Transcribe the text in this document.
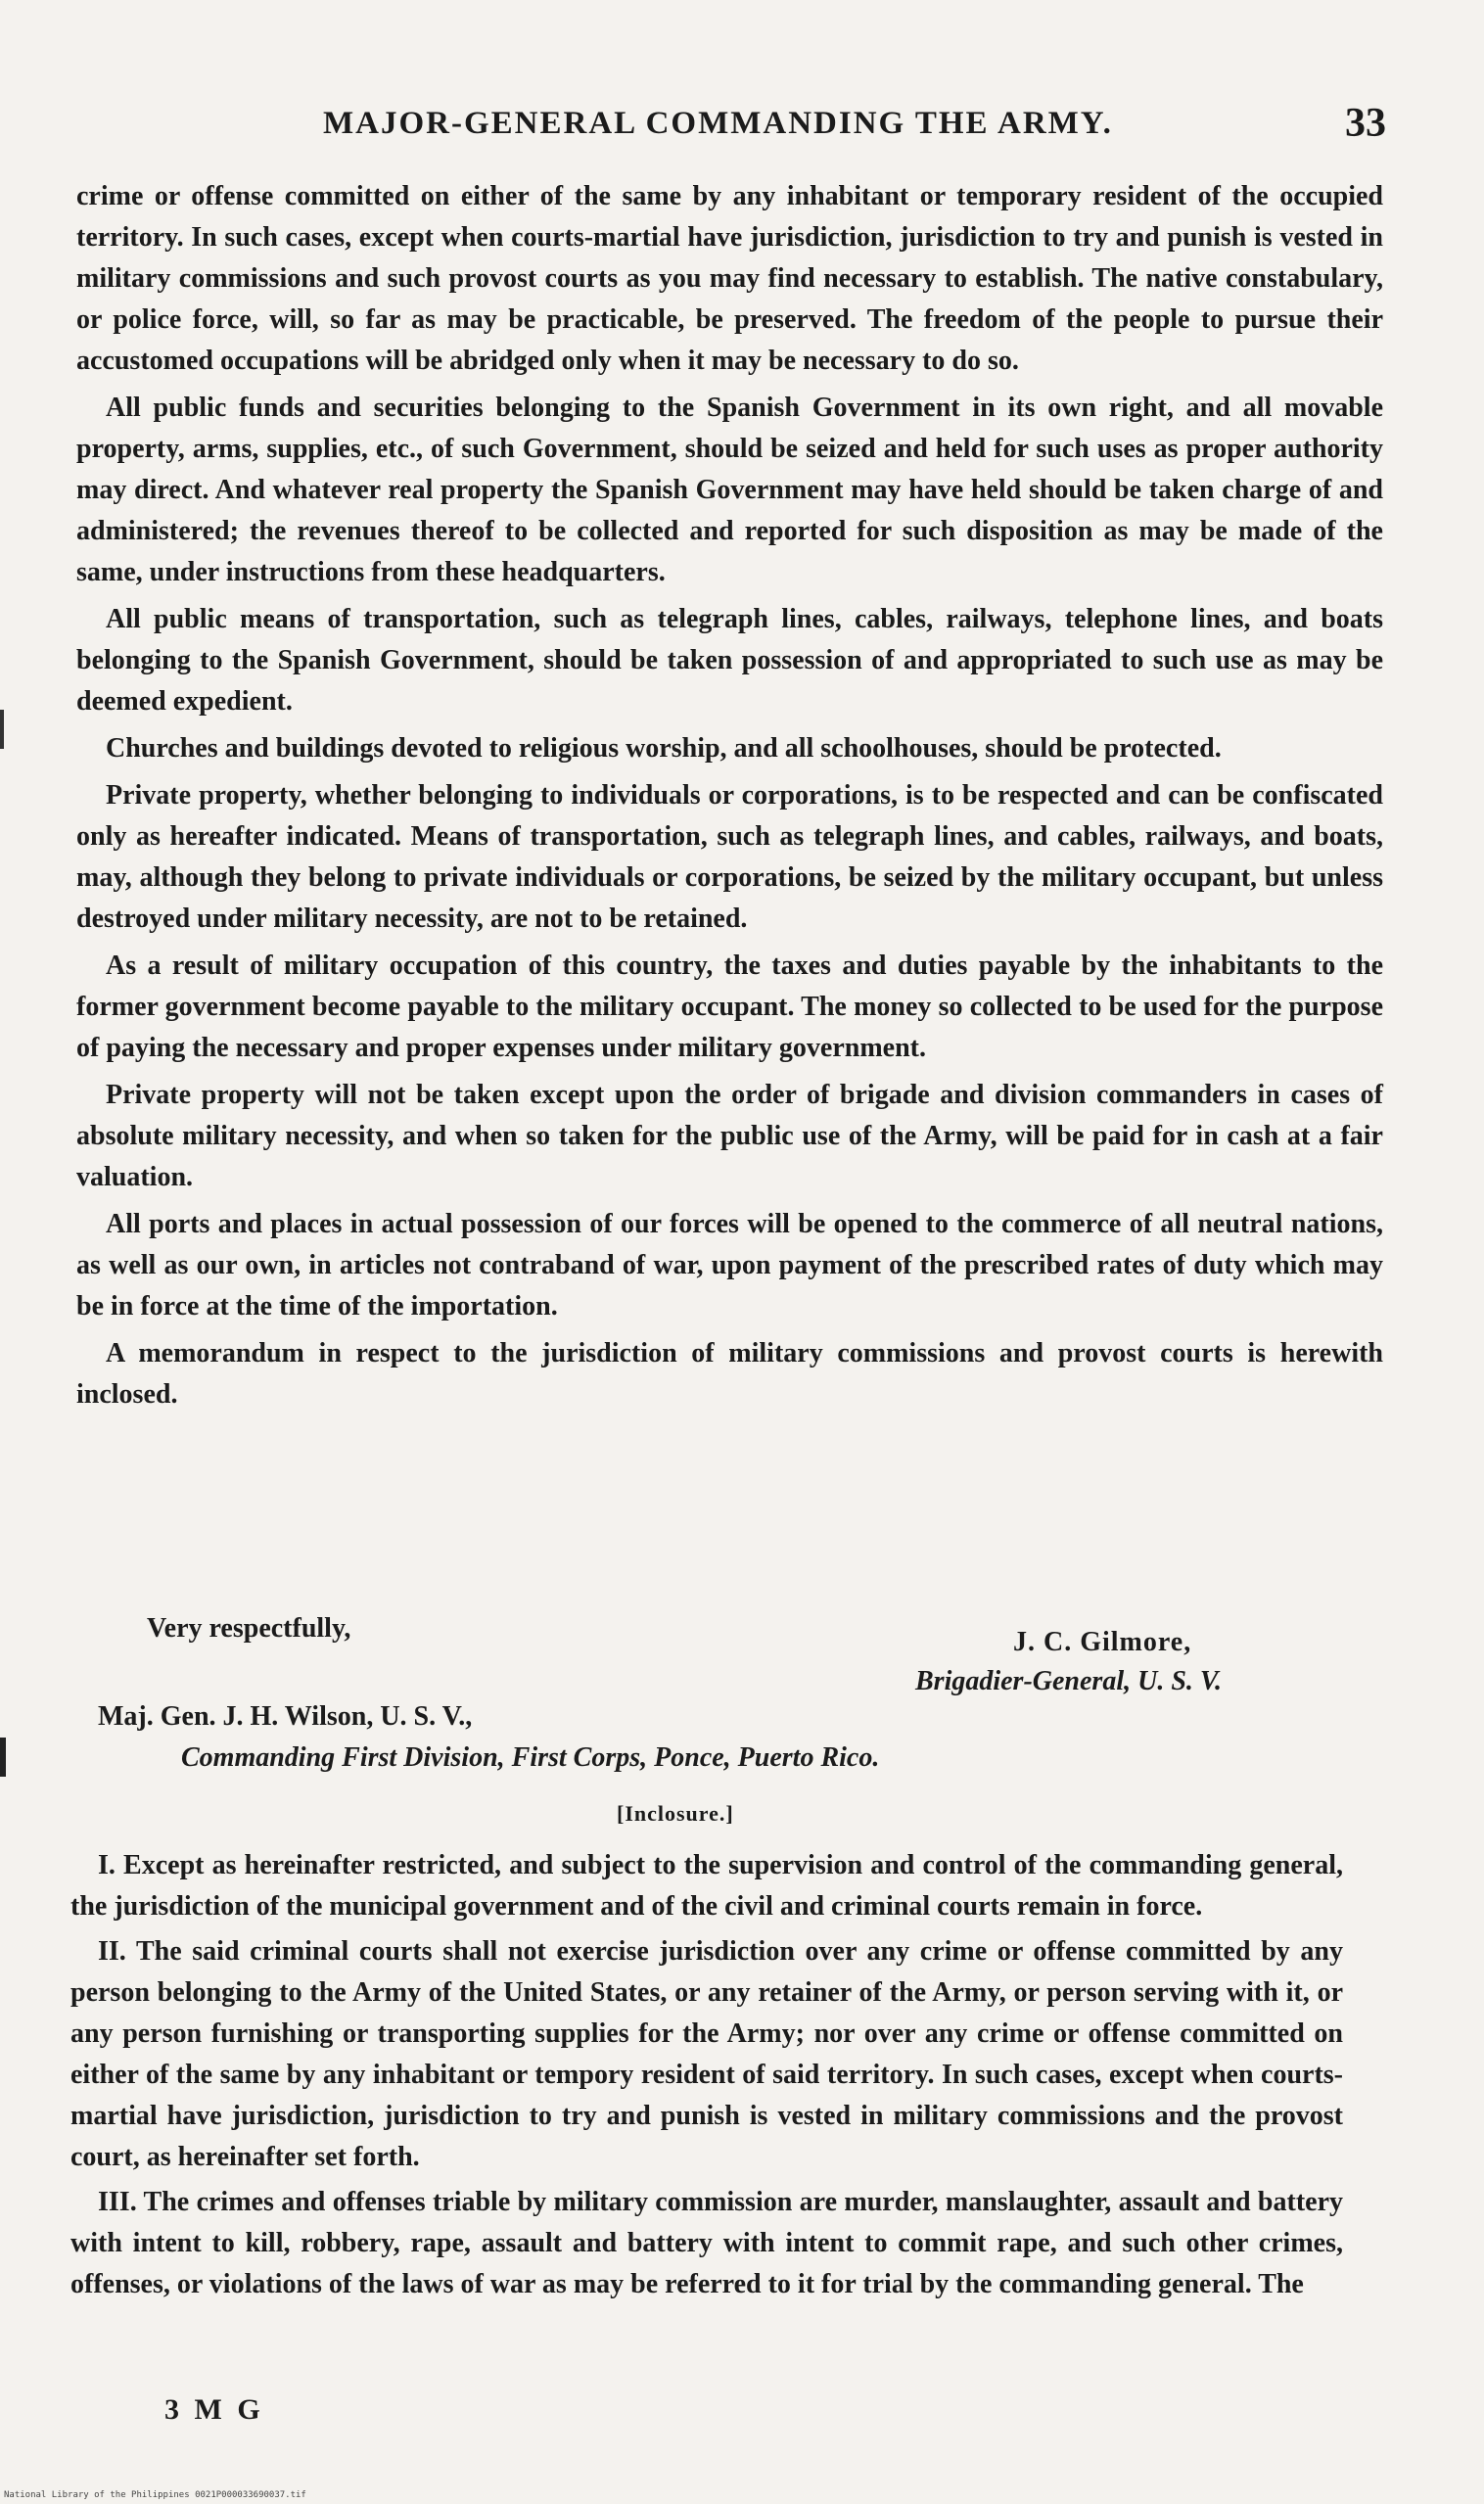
MAJOR-GENERAL COMMANDING THE ARMY.	33

crime or offense committed on either of the same by any inhabitant or temporary resident of the occupied territory. In such cases, except when courts-martial have jurisdiction, jurisdiction to try and punish is vested in military commissions and such provost courts as you may find necessary to establish. The native constabulary, or police force, will, so far as may be practicable, be preserved. The freedom of the people to pursue their accustomed occupations will be abridged only when it may be necessary to do so.

All public funds and securities belonging to the Spanish Government in its own right, and all movable property, arms, supplies, etc., of such Government, should be seized and held for such uses as proper authority may direct. And whatever real property the Spanish Government may have held should be taken charge of and administered; the revenues thereof to be collected and reported for such disposition as may be made of the same, under instructions from these headquarters.

All public means of transportation, such as telegraph lines, cables, railways, telephone lines, and boats belonging to the Spanish Government, should be taken possession of and appropriated to such use as may be deemed expedient.

Churches and buildings devoted to religious worship, and all schoolhouses, should be protected.

Private property, whether belonging to individuals or corporations, is to be respected and can be confiscated only as hereafter indicated. Means of transportation, such as telegraph lines, and cables, railways, and boats, may, although they belong to private individuals or corporations, be seized by the military occupant, but unless destroyed under military necessity, are not to be retained.

As a result of military occupation of this country, the taxes and duties payable by the inhabitants to the former government become payable to the military occupant. The money so collected to be used for the purpose of paying the necessary and proper expenses under military government.

Private property will not be taken except upon the order of brigade and division commanders in cases of absolute military necessity, and when so taken for the public use of the Army, will be paid for in cash at a fair valuation.

All ports and places in actual possession of our forces will be opened to the commerce of all neutral nations, as well as our own, in articles not contraband of war, upon payment of the prescribed rates of duty which may be in force at the time of the importation.

A memorandum in respect to the jurisdiction of military commissions and provost courts is herewith inclosed.

Very respectfully,	J. C. Gilmore,
Brigadier-General, U. S. V.
Maj. Gen. J. H. Wilson, U. S. V.,
Commanding First Division, First Corps, Ponce, Puerto Rico.
[Inclosure.]

I. Except as hereinafter restricted, and subject to the supervision and control of the commanding general, the jurisdiction of the municipal government and of the civil and criminal courts remain in force.

II. The said criminal courts shall not exercise jurisdiction over any crime or offense committed by any person belonging to the Army of the United States, or any retainer of the Army, or person serving with it, or any person furnishing or transporting supplies for the Army; nor over any crime or offense committed on either of the same by any inhabitant or tempory resident of said territory. In such cases, except when courts-martial have jurisdiction, jurisdiction to try and punish is vested in military commissions and the provost court, as hereinafter set forth.

III. The crimes and offenses triable by military commission are murder, manslaughter, assault and battery with intent to kill, robbery, rape, assault and battery with intent to commit rape, and such other crimes, offenses, or violations of the laws of war as may be referred to it for trial by the commanding general. The

3 M G
National Library of the Philippines 0021P000033690037.tif
